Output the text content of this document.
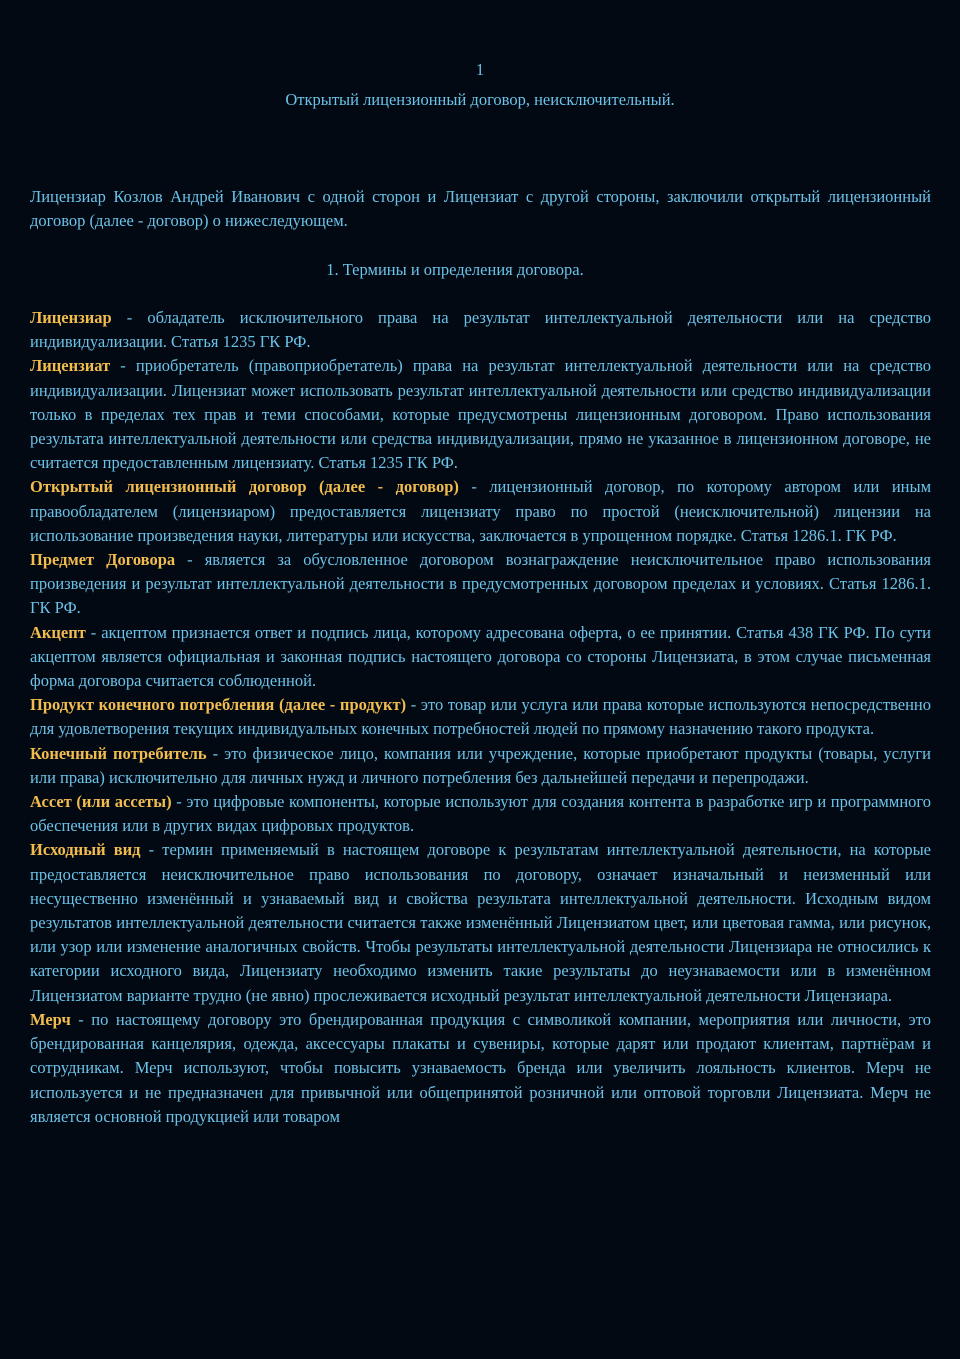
1
Открытый лицензионный договор, неисключительный.
Лицензиар Козлов Андрей Иванович с одной сторон и Лицензиат с другой стороны, заключили открытый лицензионный договор (далее - договор) о нижеследующем.
1. Термины и определения договора.

Лицензиар - обладатель исключительного права на результат интеллектуальной деятельности или на средство индивидуализации. Статья 1235 ГК РФ.

Лицензиат - приобретатель (правоприобретатель) права на результат интеллектуальной деятельности или на средство индивидуализации. Лицензиат может использовать результат интеллектуальной деятельности или средство индивидуализации только в пределах тех прав и теми способами, которые предусмотрены лицензионным договором. Право использования результата интеллектуальной деятельности или средства индивидуализации, прямо не указанное в лицензионном договоре, не считается предоставленным лицензиату. Статья 1235 ГК РФ.

Открытый лицензионный договор (далее - договор) - лицензионный договор, по которому автором или иным правообладателем (лицензиаром) предоставляется лицензиату право по простой (неисключительной) лицензии на использование произведения науки, литературы или искусства, заключается в упрощенном порядке. Статья 1286.1. ГК РФ.

Предмет Договора - является за обусловленное договором вознаграждение неисключительное право использования произведения и результат интеллектуальной деятельности в предусмотренных договором пределах и условиях. Статья 1286.1. ГК РФ.

Акцепт - акцептом признается ответ и подпись лица, которому адресована оферта, о ее принятии. Статья 438 ГК РФ. По сути акцептом является официальная и законная подпись настоящего договора со стороны Лицензиата, в этом случае письменная форма договора считается соблюденной.

Продукт конечного потребления (далее - продукт) - это товар или услуга или права которые используются непосредственно для удовлетворения текущих индивидуальных конечных потребностей людей по прямому назначению такого продукта.

Конечный потребитель - это физическое лицо, компания или учреждение, которые приобретают продукты (товары, услуги или права) исключительно для личных нужд и личного потребления без дальнейшей передачи и перепродажи.

Ассет (или ассеты) - это цифровые компоненты, которые используют для создания контента в разработке игр и программного обеспечения или в других видах цифровых продуктов.

Исходный вид - термин применяемый в настоящем договоре к результатам интеллектуальной деятельности, на которые предоставляется неисключительное право использования по договору, означает изначальный и неизменный или несущественно изменённый и узнаваемый вид и свойства результата интеллектуальной деятельности. Исходным видом результатов интеллектуальной деятельности считается также изменённый Лицензиатом цвет, или цветовая гамма, или рисунок, или узор или изменение аналогичных свойств. Чтобы результаты интеллектуальной деятельности Лицензиара не относились к категории исходного вида, Лицензиату необходимо изменить такие результаты до неузнаваемости или в изменённом Лицензиатом варианте трудно (не явно) прослеживается исходный результат интеллектуальной деятельности Лицензиара.

Мерч - по настоящему договору это брендированная продукция с символикой компании, мероприятия или личности, это брендированная канцелярия, одежда, аксессуары плакаты и сувениры, которые дарят или продают клиентам, партнёрам и сотрудникам. Мерч используют, чтобы повысить узнаваемость бренда или увеличить лояльность клиентов. Мерч не используется и не предназначен для привычной или общепринятой розничной или оптовой торговли Лицензиата. Мерч не является основной продукцией или товаром
